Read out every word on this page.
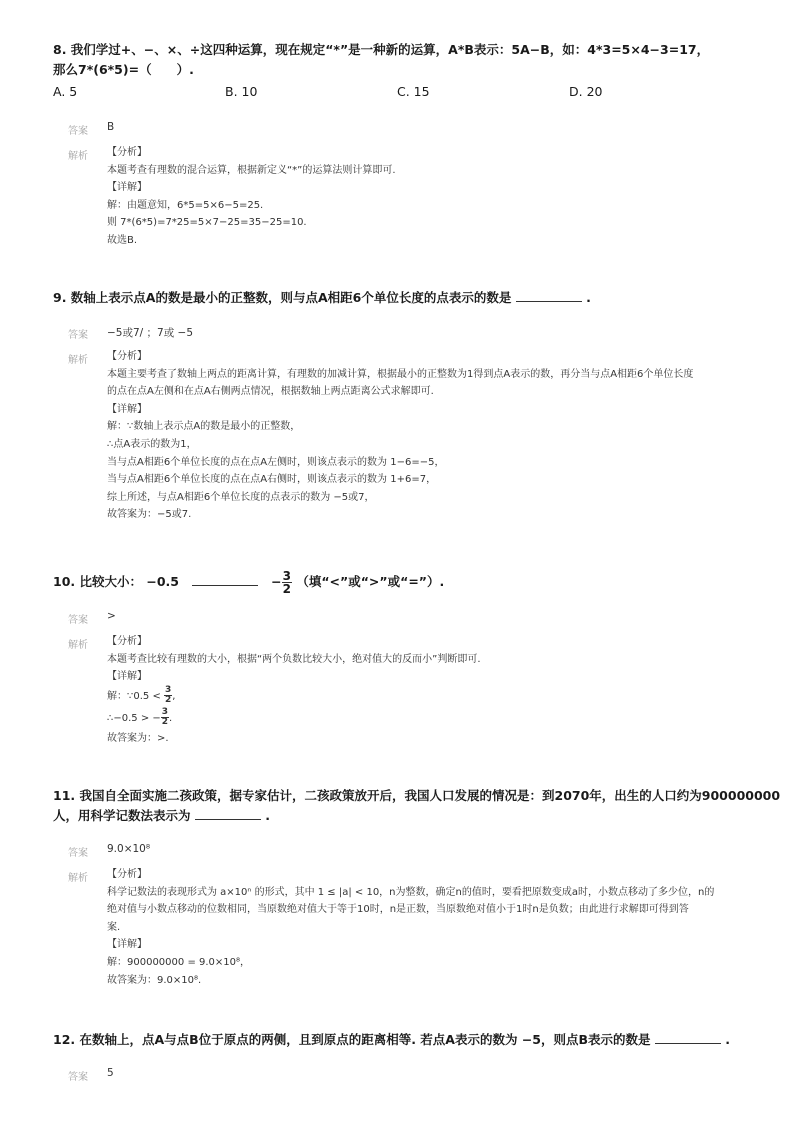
8. 我们学过+、−、×、÷这四种运算，现在规定“*”是一种新的运算，A*B表示：5A−B，如：4*3=5×4−3=17，
那么7*(6*5)=（　　）.
A. 5	B. 10	C. 15	D. 20
答案 B
解析 【分析】
本题考查有理数的混合运算，根据新定义“*”的运算法则计算即可.
【详解】
解：由题意知，6*5=5×6−5=25.
则 7*(6*5)=7*25=5×7−25=35−25=10.
故选B.
9. 数轴上表示点A的数是最小的正整数，则与点A相距6个单位长度的点表示的数是	.
答案 −5或7/ ；7或 −5
解析 【分析】
本题主要考查了数轴上两点的距离计算，有理数的加减计算，根据最小的正整数为1得到点A表示的数，再分当与点A相距6个单位长度
的点在点A左侧和在点A右侧两点情况，根据数轴上两点距离公式求解即可.
【详解】
解：∵数轴上表示点A的数是最小的正整数，
∴点A表示的数为1，
当与点A相距6个单位长度的点在点A左侧时，则该点表示的数为 1−6=−5，
当与点A相距6个单位长度的点在点A右侧时，则该点表示的数为 1+6=7，
综上所述，与点A相距6个单位长度的点表示的数为 −5或7，
故答案为：−5或7.
10. 比较大小： −0.5	− $\frac{3}{2}$ （填“<”或“>”或“=”）.
答案 >
解析 【分析】
本题考查比较有理数的大小，根据“两个负数比较大小，绝对值大的反而小”判断即可.
【详解】
解：∵0.5 < $\frac{3}{2}$ ,
∴−0.5 > − $\frac{3}{2}$ .
故答案为：>.
11. 我国自全面实施二孩政策，据专家估计，二孩政策放开后，我国人口发展的情况是：到2070年，出生的人口约为900000000
人，用科学记数法表示为	.
答案 9.0×10⁸
解析 【分析】
科学记数法的表现形式为 a×10ⁿ 的形式，其中 1 ≤ |a| < 10，n为整数，确定n的值时，要看把原数变成a时，小数点移动了多少位，n的
绝对值与小数点移动的位数相同，当原数绝对值大于等于10时，n是正数，当原数绝对值小于1时n是负数；由此进行求解即可得到答
案.
【详解】
解：900000000 = 9.0×10⁸，
故答案为：9.0×10⁸.
12. 在数轴上，点A与点B位于原点的两侧，且到原点的距离相等. 若点A表示的数为 −5，则点B表示的数是	.
答案 5
